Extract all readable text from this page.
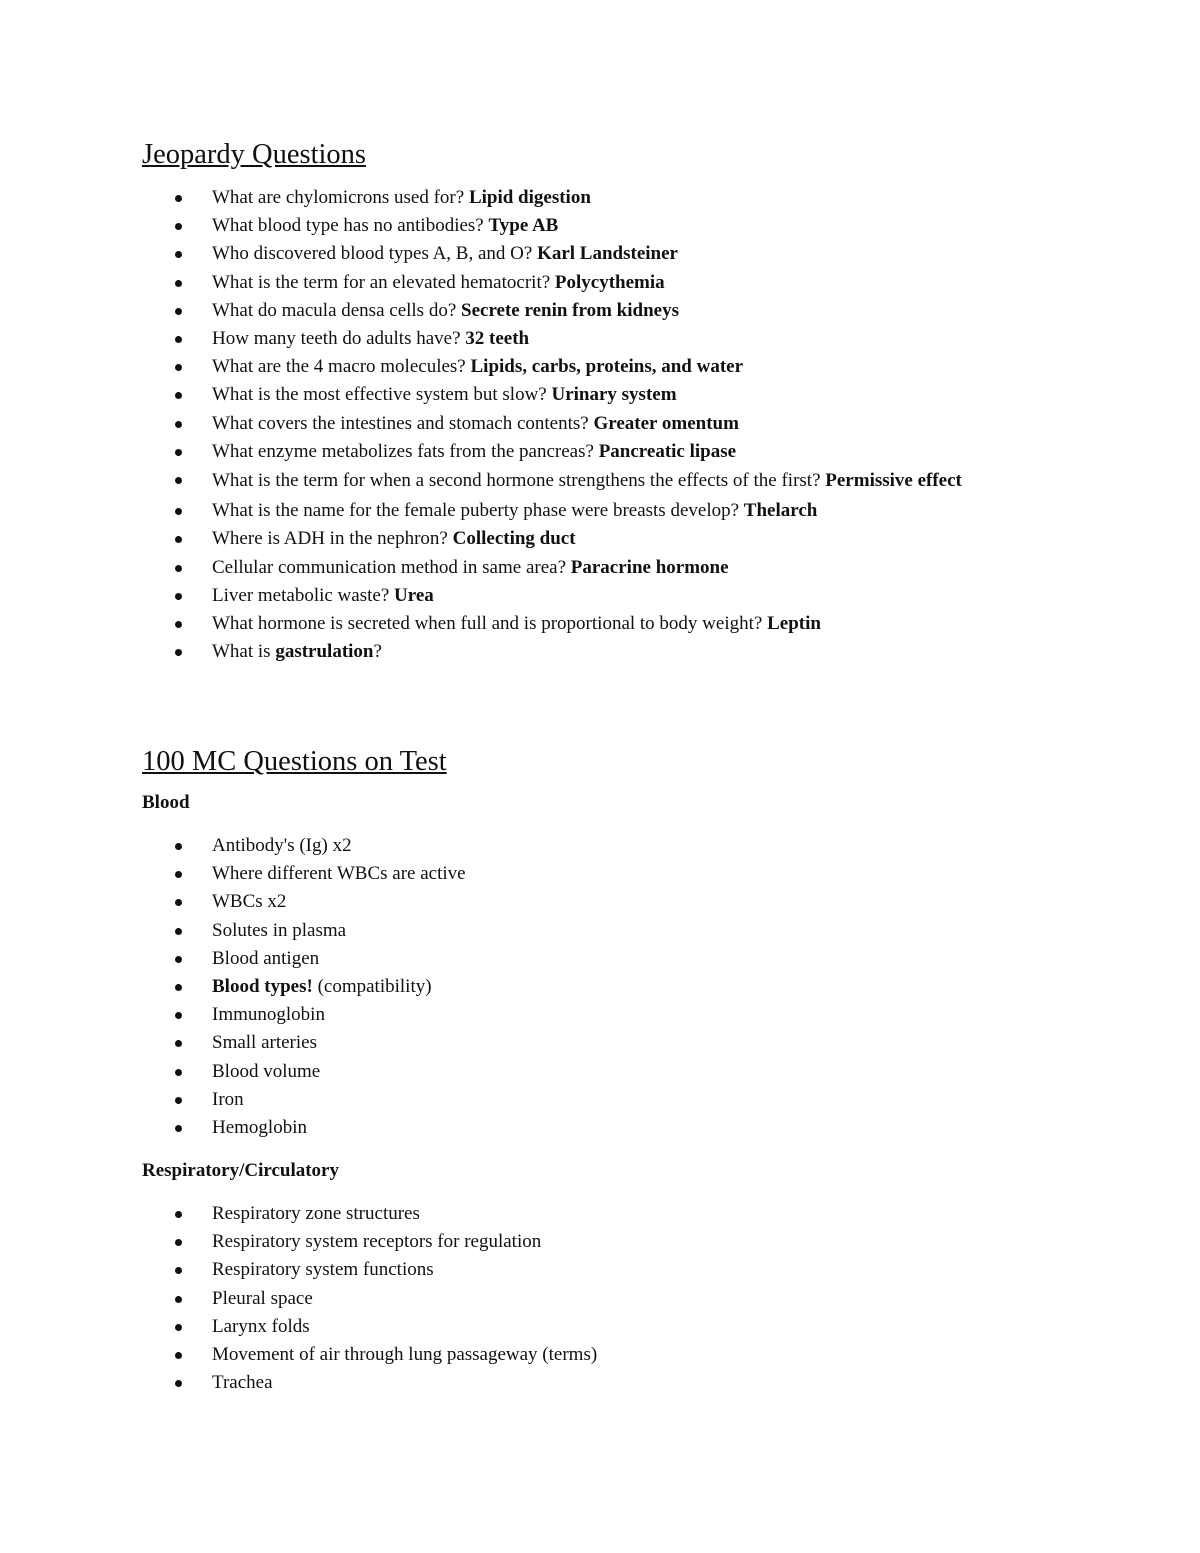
Jeopardy Questions
What are chylomicrons used for? Lipid digestion
What blood type has no antibodies? Type AB
Who discovered blood types A, B, and O? Karl Landsteiner
What is the term for an elevated hematocrit? Polycythemia
What do macula densa cells do? Secrete renin from kidneys
How many teeth do adults have? 32 teeth
What are the 4 macro molecules? Lipids, carbs, proteins, and water
What is the most effective system but slow? Urinary system
What covers the intestines and stomach contents? Greater omentum
What enzyme metabolizes fats from the pancreas? Pancreatic lipase
What is the term for when a second hormone strengthens the effects of the first? Permissive effect
What is the name for the female puberty phase were breasts develop? Thelarch
Where is ADH in the nephron? Collecting duct
Cellular communication method in same area? Paracrine hormone
Liver metabolic waste? Urea
What hormone is secreted when full and is proportional to body weight? Leptin
What is gastrulation?
100 MC Questions on Test

Blood

Antibody's (Ig) x2
Where different WBCs are active
WBCs x2
Solutes in plasma
Blood antigen
Blood types! (compatibility)
Immunoglobin
Small arteries
Blood volume
Iron
Hemoglobin

Respiratory/Circulatory

Respiratory zone structures
Respiratory system receptors for regulation
Respiratory system functions
Pleural space
Larynx folds
Movement of air through lung passageway (terms)
Trachea
